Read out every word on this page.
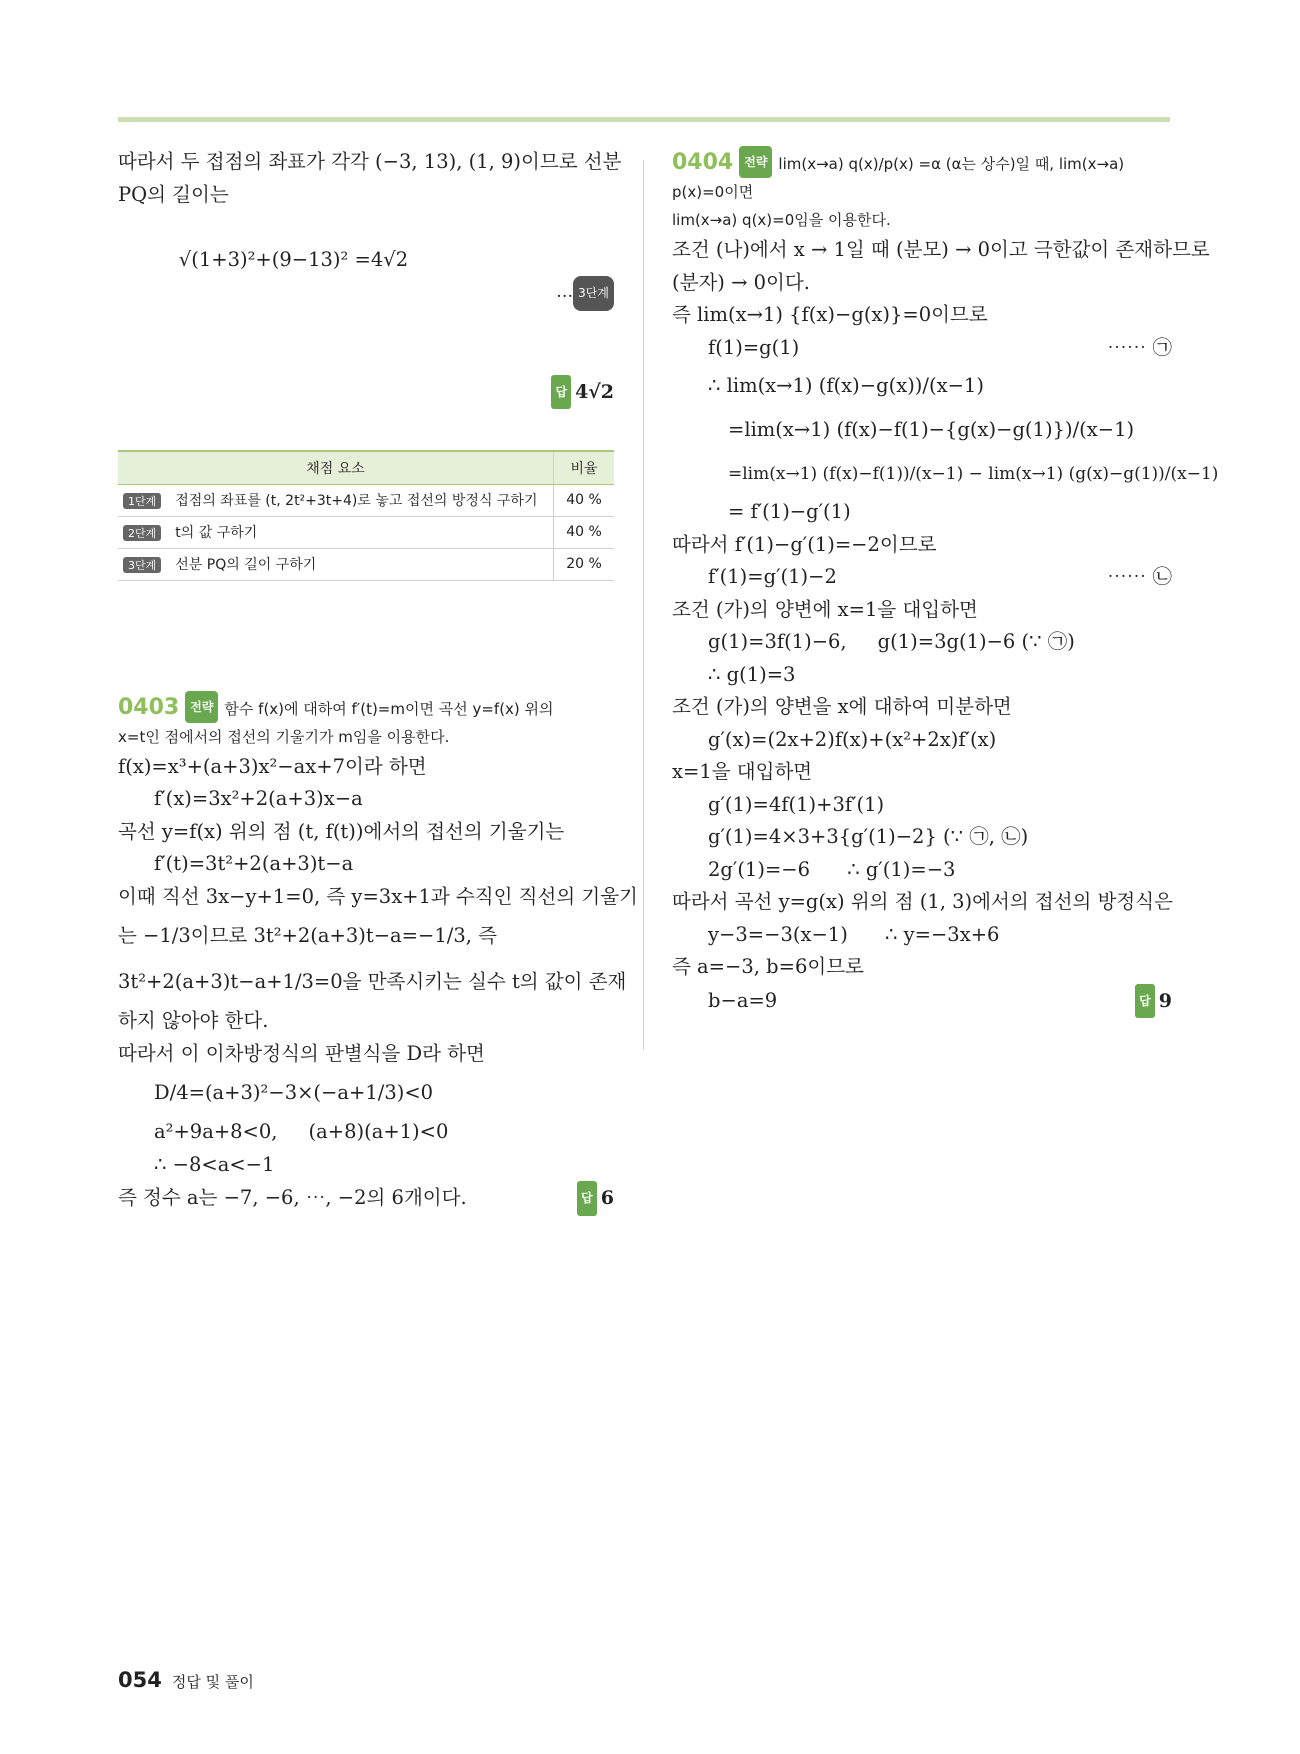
따라서 두 접점의 좌표가 각각 (−3, 13), (1, 9)이므로 선분
PQ의 길이는

√(1+3)²+(9−13)² =4√2

… 3단계

답 4√2

채점 요소	비율
1단계 접점의 좌표를 (t, 2t²+3t+4)로 놓고 접선의 방정식 구하기	40 %
2단계 t의 값 구하기	40 %
3단계 선분 PQ의 길이 구하기	20 %
0403 전략 함수 f(x)에 대하여 f′(t)=m이면 곡선 y=f(x) 위의
x=t인 점에서의 접선의 기울기가 m임을 이용한다.
f(x)=x³+(a+3)x²−ax+7이라 하면
f′(x)=3x²+2(a+3)x−a
곡선 y=f(x) 위의 점 (t, f(t))에서의 접선의 기울기는
f′(t)=3t²+2(a+3)t−a
이때 직선 3x−y+1=0, 즉 y=3x+1과 수직인 직선의 기울기
는 −1/3이므로 3t²+2(a+3)t−a=−1/3, 즉
3t²+2(a+3)t−a+1/3=0을 만족시키는 실수 t의 값이 존재
하지 않아야 한다.
따라서 이 이차방정식의 판별식을 D라 하면
D/4=(a+3)²−3×(−a+1/3)<0
a²+9a+8<0,     (a+8)(a+1)<0
∴ −8<a<−1
즉 정수 a는 −7, −6, ⋯, −2의 6개이다.	답 6
0404 전략 lim(x→a) q(x)/p(x) =α (α는 상수)일 때, lim(x→a) p(x)=0이면
lim(x→a) q(x)=0임을 이용한다.
조건 (나)에서 x → 1일 때 (분모) → 0이고 극한값이 존재하므로
(분자) → 0이다.
즉 lim(x→1) {f(x)−g(x)}=0이므로
f(1)=g(1)	⋯⋯ ㉠
∴ lim(x→1) (f(x)−g(x))/(x−1)
=lim(x→1) (f(x)−f(1)−{g(x)−g(1)})/(x−1)
=lim(x→1) (f(x)−f(1))/(x−1) − lim(x→1) (g(x)−g(1))/(x−1)
= f′(1)−g′(1)
따라서 f′(1)−g′(1)=−2이므로
f′(1)=g′(1)−2	⋯⋯ ㉡
조건 (가)의 양변에 x=1을 대입하면
g(1)=3f(1)−6,     g(1)=3g(1)−6 (∵ ㉠)
∴ g(1)=3
조건 (가)의 양변을 x에 대하여 미분하면
g′(x)=(2x+2)f(x)+(x²+2x)f′(x)
x=1을 대입하면
g′(1)=4f(1)+3f′(1)
g′(1)=4×3+3{g′(1)−2} (∵ ㉠, ㉡)
2g′(1)=−6      ∴ g′(1)=−3
따라서 곡선 y=g(x) 위의 점 (1, 3)에서의 접선의 방정식은
y−3=−3(x−1)      ∴ y=−3x+6
즉 a=−3, b=6이므로
b−a=9	답 9
054 정답 및 풀이
